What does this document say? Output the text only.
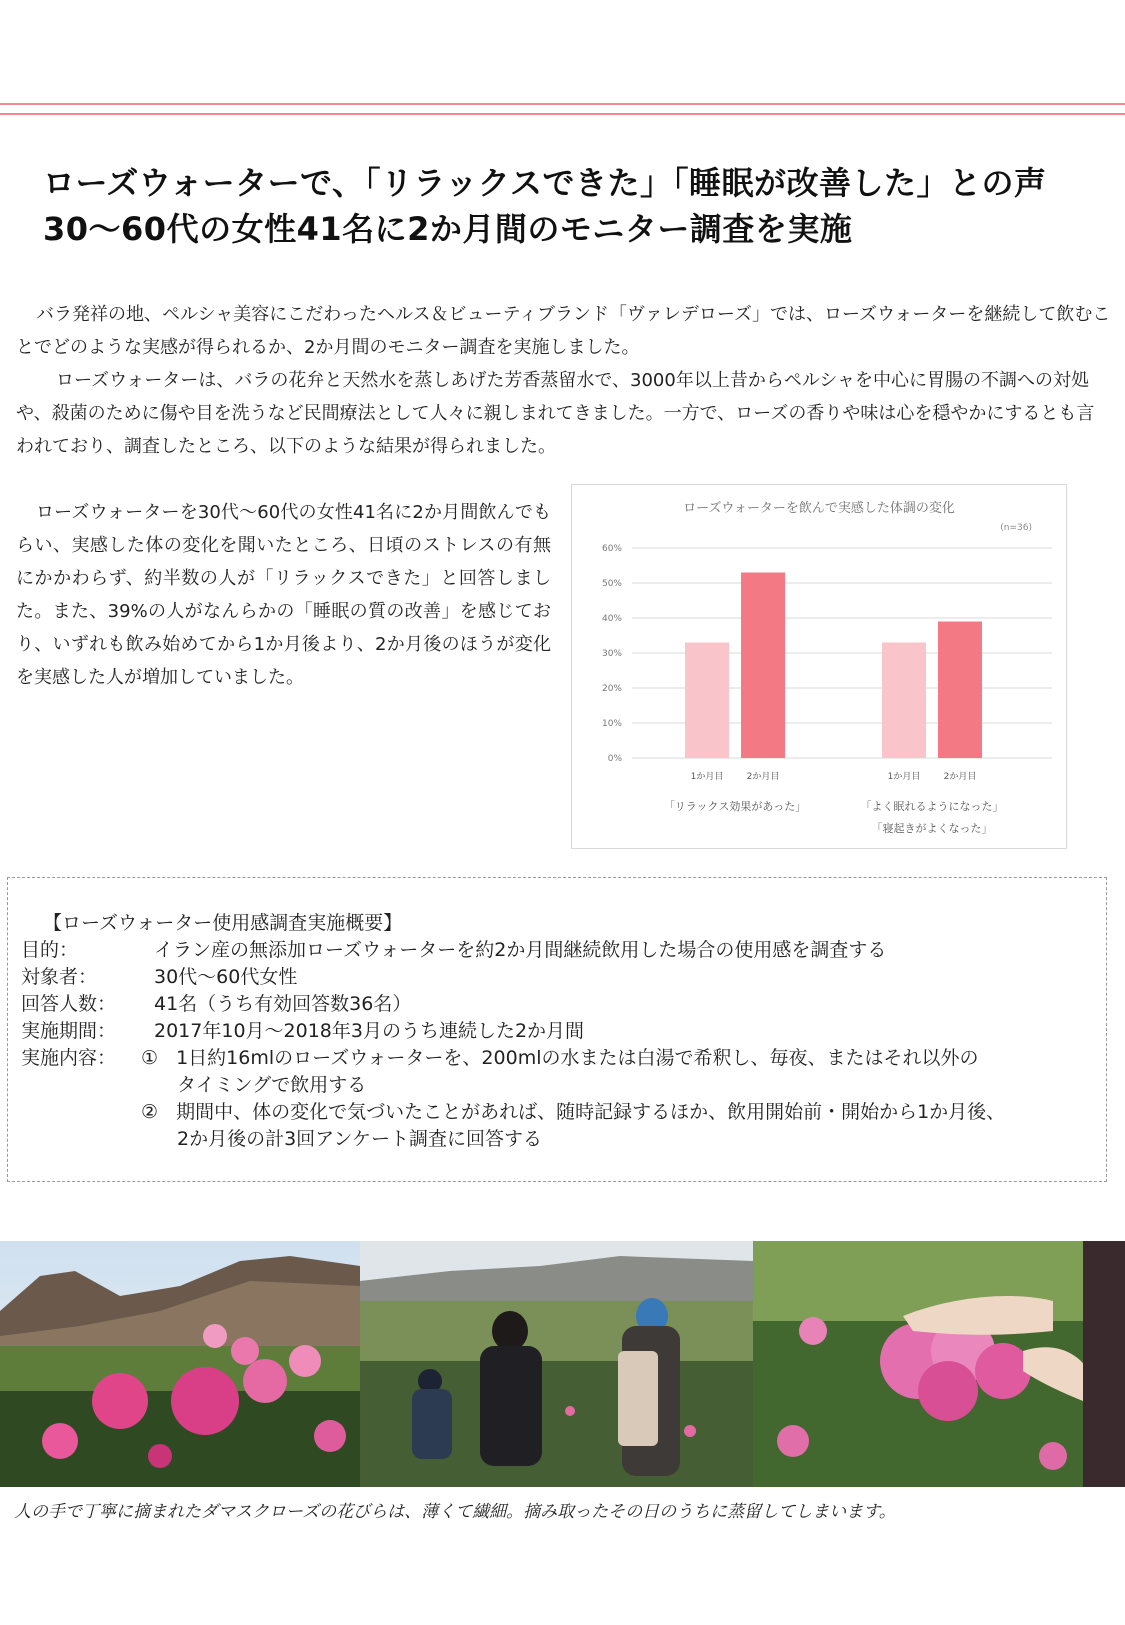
ローズウォーターで、「リラックスできた」「睡眠が改善した」との声
30～60代の女性41名に2か月間のモニター調査を実施

バラ発祥の地、ペルシャ美容にこだわったヘルス＆ビューティブランド「ヴァレデローズ」では、ローズウォーターを継続して飲むことでどのような実感が得られるか、2か月間のモニター調査を実施しました。

ローズウォーターは、バラの花弁と天然水を蒸しあげた芳香蒸留水で、3000年以上昔からペルシャを中心に胃腸の不調への対処や、殺菌のために傷や目を洗うなど民間療法として人々に親しまれてきました。一方で、ローズの香りや味は心を穏やかにするとも言われており、調査したところ、以下のような結果が得られました。

ローズウォーターを30代～60代の女性41名に2か月間飲んでもらい、実感した体の変化を聞いたところ、日頃のストレスの有無にかかわらず、約半数の人が「リラックスできた」と回答しました。また、39%の人がなんらかの「睡眠の質の改善」を感じており、いずれも飲み始めてから1か月後より、2か月後のほうが変化を実感した人が増加していました。
ローズウォーターを飲んで実感した体調の変化
(n=36)
0%
10%
20%
30%
40%
50%
60%
1か月目	2か月目
「リラックス効果があった」
1か月目	2か月目
「よく眠れるようになった」
「寝起きがよくなった」
【ローズウォーター使用感調査実施概要】
目的：	イラン産の無添加ローズウォーターを約2か月間継続飲用した場合の使用感を調査する
対象者：	30代～60代女性
回答人数： 41名（うち有効回答数36名）
実施期間： 2017年10月～2018年3月のうち連続した2か月間
実施内容：	① 1日約16mlのローズウォーターを、200mlの水または白湯で希釈し、毎夜、またはそれ以外の
タイミングで飲用する
② 期間中、体の変化で気づいたことがあれば、随時記録するほか、飲用開始前・開始から1か月後、
2か月後の計3回アンケート調査に回答する
人の手で丁寧に摘まれたダマスクローズの花びらは、薄くて繊細。摘み取ったその日のうちに蒸留してしまいます。
